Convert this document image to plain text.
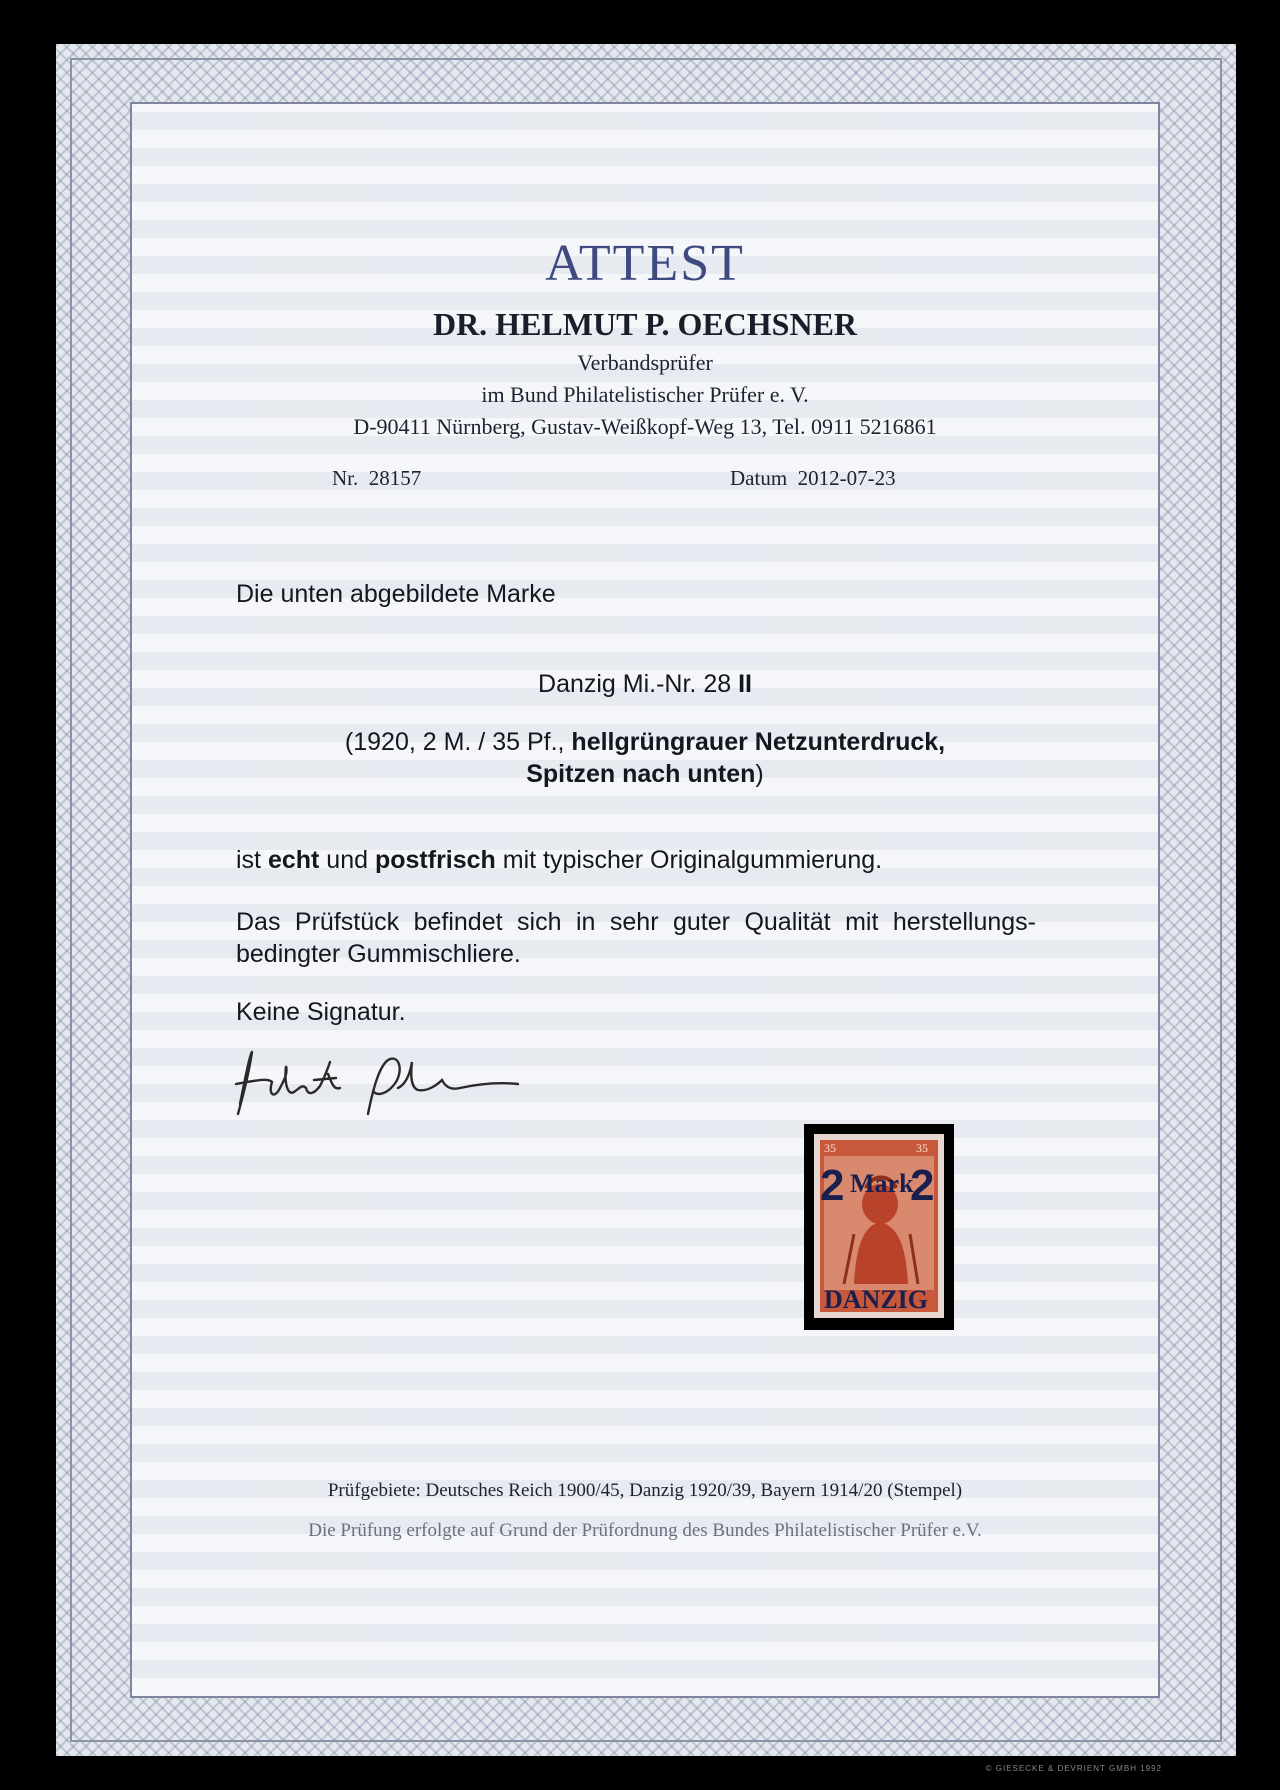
ATTEST
DR. HELMUT P. OECHSNER
Verbandsprüfer
im Bund Philatelistischer Prüfer e. V.
D-90411 Nürnberg, Gustav-Weißkopf-Weg 13, Tel. 0911 5216861
Nr. 28157	Datum 2012-07-23
Die unten abgebildete Marke
Danzig Mi.-Nr. 28 II
(1920, 2 M. / 35 Pf., hellgrüngrauer Netzunterdruck,
Spitzen nach unten)
ist echt und postfrisch mit typischer Originalgummierung.
Das Prüfstück befindet sich in sehr guter Qualität mit herstellungs-bedingter Gummischliere.
Keine Signatur.
35	35
2 Mark
2
DANZIG
Prüfgebiete: Deutsches Reich 1900/45, Danzig 1920/39, Bayern 1914/20 (Stempel)
Die Prüfung erfolgte auf Grund der Prüfordnung des Bundes Philatelistischer Prüfer e.V.
© GIESECKE & DEVRIENT GMBH 1992
